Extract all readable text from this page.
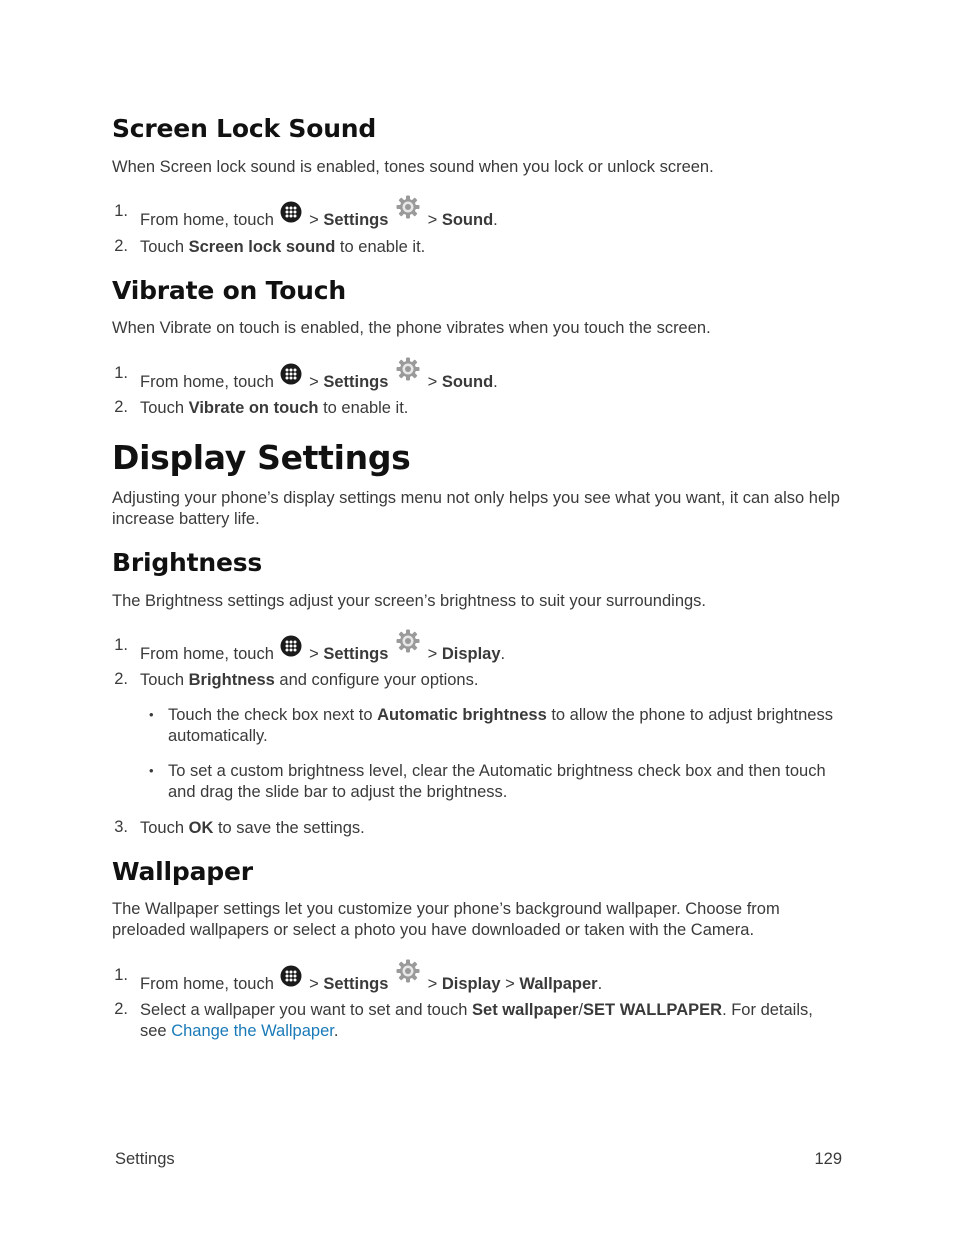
Screen Lock Sound
When Screen lock sound is enabled, tones sound when you lock or unlock screen.
1. From home, touch > Settings > Sound.
2. Touch Screen lock sound to enable it.
Vibrate on Touch
When Vibrate on touch is enabled, the phone vibrates when you touch the screen.
1. From home, touch > Settings > Sound.
2. Touch Vibrate on touch to enable it.
Display Settings
Adjusting your phone’s display settings menu not only helps you see what you want, it can also help
increase battery life.
Brightness
The Brightness settings adjust your screen’s brightness to suit your surroundings.
1. From home, touch > Settings > Display.
2. Touch Brightness and configure your options.
• Touch the check box next to Automatic brightness to allow the phone to adjust brightness
automatically.
• To set a custom brightness level, clear the Automatic brightness check box and then touch
and drag the slide bar to adjust the brightness.
3. Touch OK to save the settings.
Wallpaper
The Wallpaper settings let you customize your phone’s background wallpaper. Choose from
preloaded wallpapers or select a photo you have downloaded or taken with the Camera.
1. From home, touch > Settings > Display > Wallpaper.
2. Select a wallpaper you want to set and touch Set wallpaper/SET WALLPAPER. For details,
see Change the Wallpaper.
Settings	129
